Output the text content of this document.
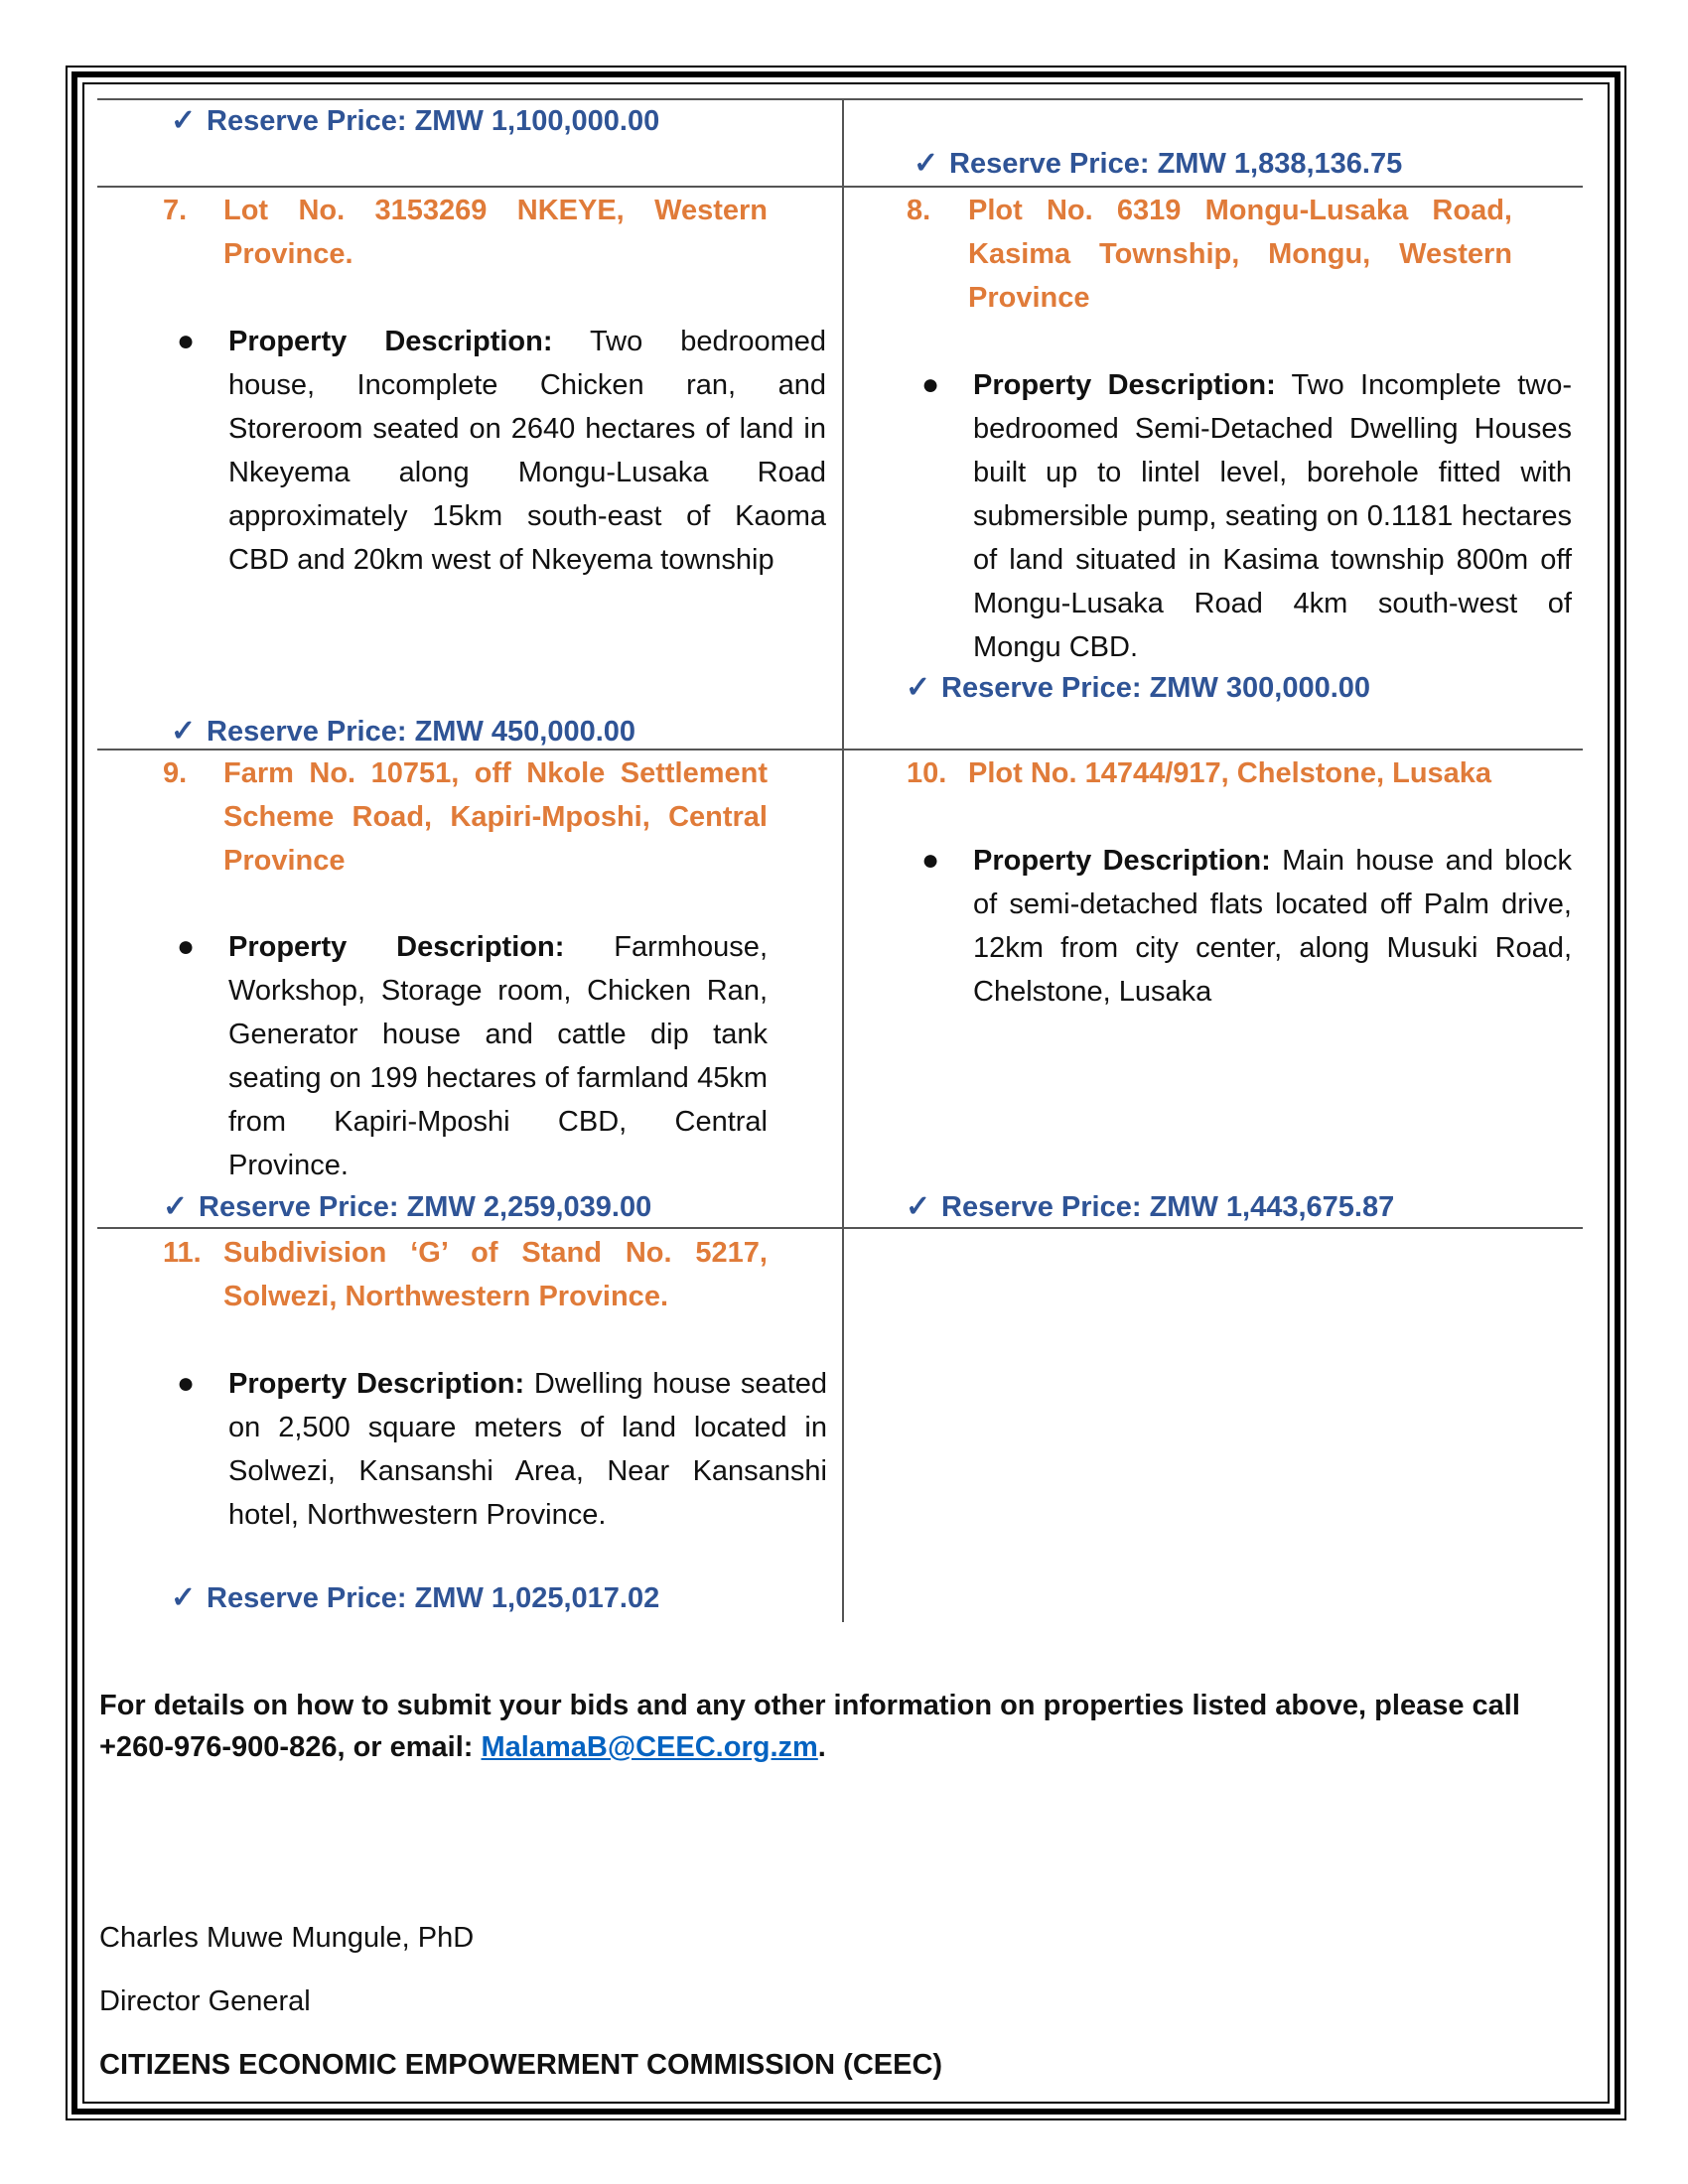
✓ Reserve Price: ZMW 1,100,000.00
✓ Reserve Price: ZMW 1,838,136.75
7. Lot No. 3153269 NKEYE, Western Province.
● Property Description: Two bedroomed house, Incomplete Chicken ran, and Storeroom seated on 2640 hectares of land in Nkeyema along Mongu-Lusaka Road approximately 15km south-east of Kaoma CBD and 20km west of Nkeyema township
✓ Reserve Price: ZMW 450,000.00
8. Plot No. 6319 Mongu-Lusaka Road, Kasima Township, Mongu, Western Province
● Property Description: Two Incomplete two-bedroomed Semi-Detached Dwelling Houses built up to lintel level, borehole fitted with submersible pump, seating on 0.1181 hectares of land situated in Kasima township 800m off Mongu-Lusaka Road 4km south-west of Mongu CBD.
✓ Reserve Price: ZMW 300,000.00
9. Farm No. 10751, off Nkole Settlement Scheme Road, Kapiri-Mposhi, Central Province
● Property Description: Farmhouse, Workshop, Storage room, Chicken Ran, Generator house and cattle dip tank seating on 199 hectares of farmland 45km from Kapiri-Mposhi CBD, Central Province.
✓ Reserve Price: ZMW 2,259,039.00
10. Plot No. 14744/917, Chelstone, Lusaka
● Property Description: Main house and block of semi-detached flats located off Palm drive, 12km from city center, along Musuki Road, Chelstone, Lusaka
✓ Reserve Price: ZMW 1,443,675.87
11. Subdivision ‘G’ of Stand No. 5217, Solwezi, Northwestern Province.
● Property Description: Dwelling house seated on 2,500 square meters of land located in Solwezi, Kansanshi Area, Near Kansanshi hotel, Northwestern Province.
✓ Reserve Price: ZMW 1,025,017.02
For details on how to submit your bids and any other information on properties listed above, please call +260-976-900-826, or email: MalamaB@CEEC.org.zm.
Charles Muwe Mungule, PhD
Director General
CITIZENS ECONOMIC EMPOWERMENT COMMISSION (CEEC)
